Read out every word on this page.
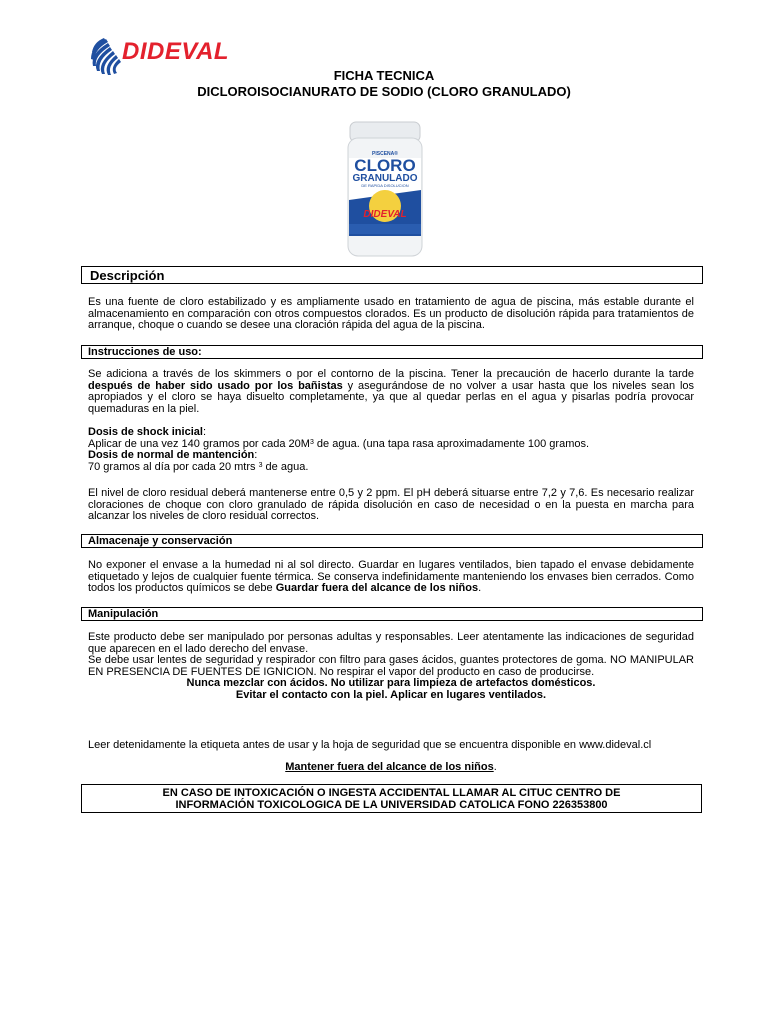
DIDEVAL
FICHA TECNICA
DICLOROISOCIANURATO DE SODIO (CLORO GRANULADO)
PISCENA®
CLORO
GRANULADO
DE RAPIDA DISOLUCION
DIDEVAL
Descripción
Es una fuente de cloro estabilizado y es ampliamente usado en tratamiento de agua de piscina, más estable durante el almacenamiento en comparación con otros compuestos clorados. Es un producto de disolución rápida para tratamientos de arranque, choque o cuando se desee una cloración rápida del agua de la piscina.
Instrucciones de uso:

Se adiciona a través de los skimmers o por el contorno de la piscina. Tener la precaución de hacerlo durante la tarde después de haber sido usado por los bañistas y asegurándose de no volver a usar hasta que los niveles sean los apropiados y el cloro se haya disuelto completamente, ya que al quedar perlas en el agua y pisarlas podría provocar quemaduras en la piel.

Dosis de shock inicial:

Aplicar de una vez 140 gramos por cada $20M^3$ de agua. (una tapa rasa aproximadamente 100 gramos.

Dosis de normal de mantención:

70 gramos al día por cada 20 mtrs $^3$ de agua.

El nivel de cloro residual deberá mantenerse entre 0,5 y 2 ppm. El pH deberá situarse entre 7,2 y 7,6. Es necesario realizar cloraciones de choque con cloro granulado de rápida disolución en caso de necesidad o en la puesta en marcha para alcanzar los niveles de cloro residual correctos.
Almacenaje y conservación

No exponer el envase a la humedad ni al sol directo. Guardar en lugares ventilados, bien tapado el envase debidamente etiquetado y lejos de cualquier fuente térmica. Se conserva indefinidamente manteniendo los envases bien cerrados. Como todos los productos químicos se debe Guardar fuera del alcance de los niños.

Manipulación

Este producto debe ser manipulado por personas adultas y responsables. Leer atentamente las indicaciones de seguridad que aparecen en el lado derecho del envase.

Se debe usar lentes de seguridad y respirador con filtro para gases ácidos, guantes protectores de goma. NO MANIPULAR EN PRESENCIA DE FUENTES DE IGNICION. No respirar el vapor del producto en caso de producirse.

Nunca mezclar con ácidos. No utilizar para limpieza de artefactos domésticos.

Evitar el contacto con la piel. Aplicar en lugares ventilados.

Leer detenidamente la etiqueta antes de usar y la hoja de seguridad que se encuentra disponible en www.dideval.cl
Mantener fuera del alcance de los niños.
EN CASO DE INTOXICACIÓN O INGESTA ACCIDENTAL LLAMAR AL CITUC CENTRO DE
INFORMACIÓN TOXICOLOGICA DE LA UNIVERSIDAD CATOLICA FONO 226353800
